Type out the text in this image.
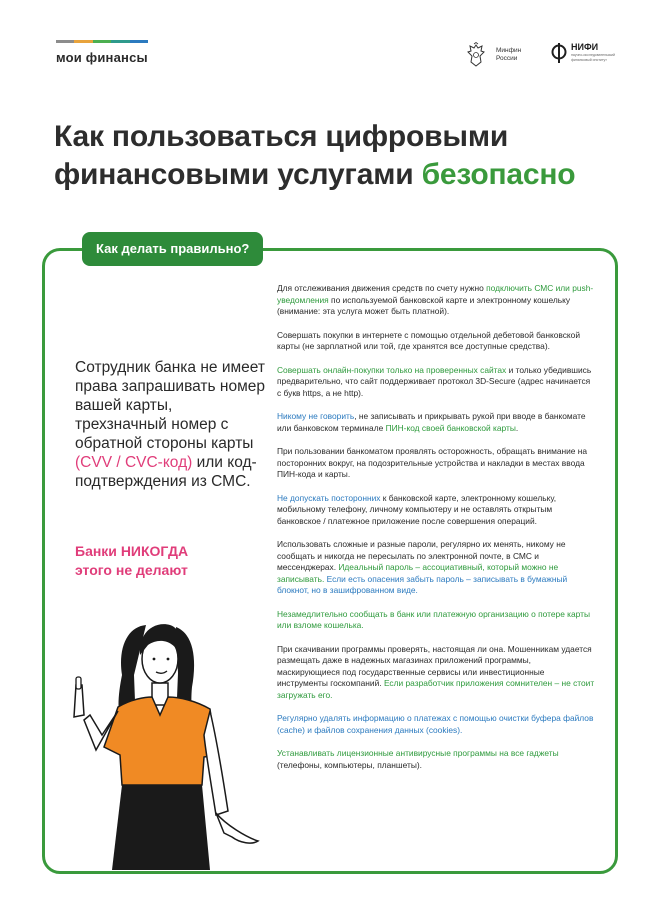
мои финансы	Минфин России
НИФИ
научно-исследовательский финансовый институт
Как пользоваться цифровыми
финансовыми услугами безопасно
Как делать правильно?
Сотрудник банка не имеет права запрашивать номер вашей карты, трехзначный номер с обратной стороны карты (CVV / CVC-код) или код-подтверждения из СМС.
Банки НИКОГДА
этого не делают

Для отслеживания движения средств по счету нужно подключить СМС или push-уведомления по используемой банковской карте и электронному кошельку (внимание: эта услуга может быть платной).

Совершать покупки в интернете с помощью отдельной дебетовой банковской карты (не зарплатной или той, где хранятся все доступные средства).

Совершать онлайн-покупки только на проверенных сайтах и только убедившись предварительно, что сайт поддерживает протокол 3D-Secure (адрес начинается с букв https, а не http).

Никому не говорить, не записывать и прикрывать рукой при вводе в банкомате или банковском терминале ПИН-код своей банковской карты.

При пользовании банкоматом проявлять осторожность, обращать внимание на посторонних вокруг, на подозрительные устройства и накладки в местах ввода ПИН-кода и карты.

Не допускать посторонних к банковской карте, электронному кошельку, мобильному телефону, личному компьютеру и не оставлять открытым банковское / платежное приложение после совершения операций.

Использовать сложные и разные пароли, регулярно их менять, никому не сообщать и никогда не пересылать по электронной почте, в СМС и мессенджерах. Идеальный пароль – ассоциативный, который можно не записывать. Если есть опасения забыть пароль – записывать в бумажный блокнот, но в зашифрованном виде.

Незамедлительно сообщать в банк или платежную организацию о потере карты или взломе кошелька.

При скачивании программы проверять, настоящая ли она. Мошенникам удается размещать даже в надежных магазинах приложений программы, маскирующиеся под государственные сервисы или инвестиционные инструменты госкомпаний. Если разработчик приложения сомнителен – не стоит загружать его.

Регулярно удалять информацию о платежах с помощью очистки буфера файлов (cache) и файлов сохранения данных (cookies).

Устанавливать лицензионные антивирусные программы на все гаджеты (телефоны, компьютеры, планшеты).
